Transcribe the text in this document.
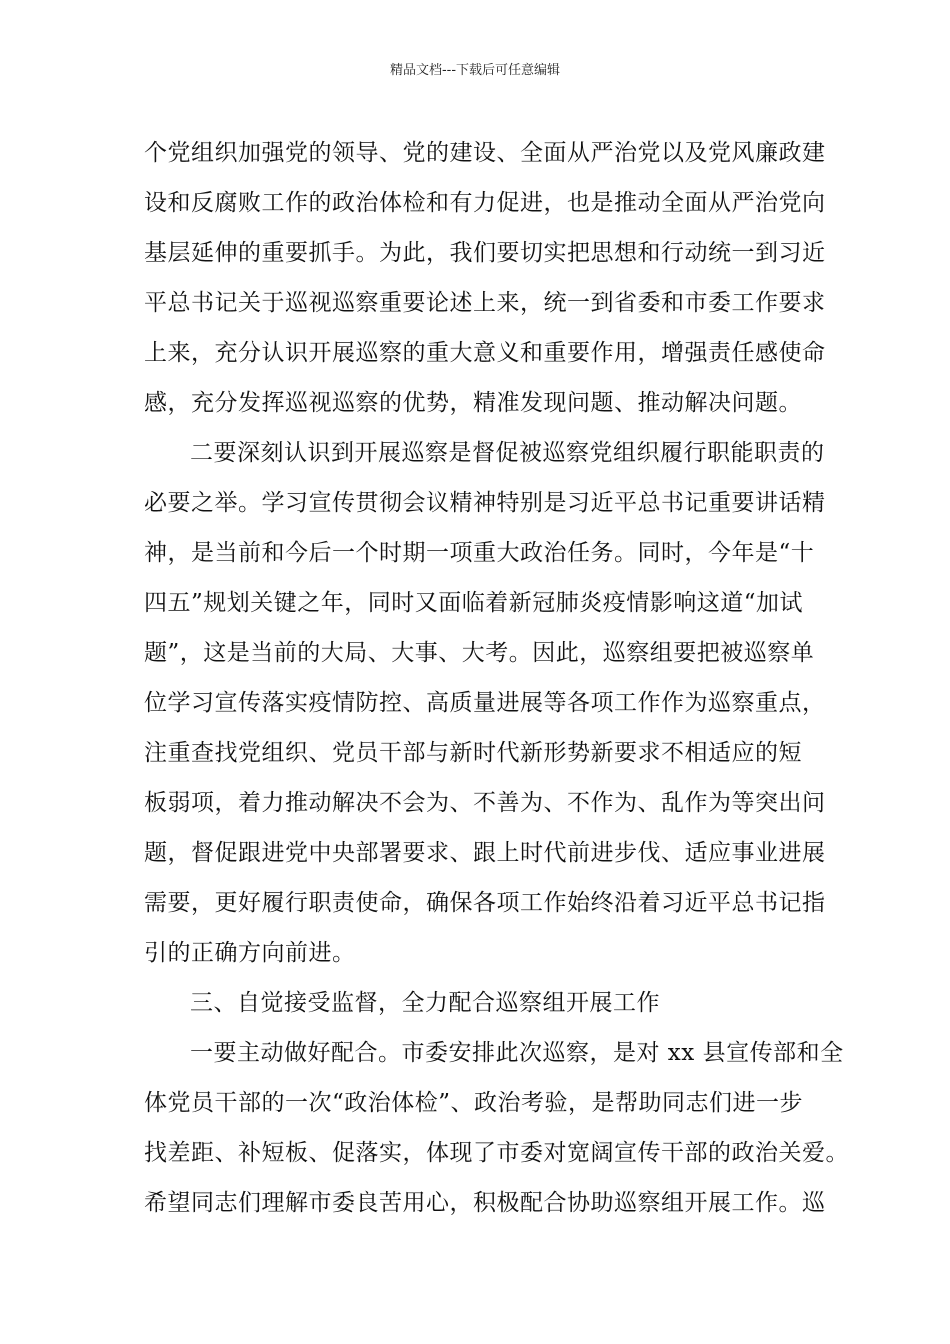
精品文档---下载后可任意编辑
个党组织加强党的领导、党的建设、全面从严治党以及党风廉政建
设和反腐败工作的政治体检和有力促进，也是推动全面从严治党向
基层延伸的重要抓手。为此，我们要切实把思想和行动统一到习近
平总书记关于巡视巡察重要论述上来，统一到省委和市委工作要求
上来，充分认识开展巡察的重大意义和重要作用，增强责任感使命
感，充分发挥巡视巡察的优势，精准发现问题、推动解决问题。
二要深刻认识到开展巡察是督促被巡察党组织履行职能职责的
必要之举。学习宣传贯彻会议精神特别是习近平总书记重要讲话精
神，是当前和今后一个时期一项重大政治任务。同时，今年是“十
四五”规划关键之年，同时又面临着新冠肺炎疫情影响这道“加试
题”，这是当前的大局、大事、大考。因此，巡察组要把被巡察单
位学习宣传落实疫情防控、高质量进展等各项工作作为巡察重点，
注重查找党组织、党员干部与新时代新形势新要求不相适应的短
板弱项，着力推动解决不会为、不善为、不作为、乱作为等突出问
题，督促跟进党中央部署要求、跟上时代前进步伐、适应事业进展
需要，更好履行职责使命，确保各项工作始终沿着习近平总书记指
引的正确方向前进。
三、自觉接受监督，全力配合巡察组开展工作
一要主动做好配合。市委安排此次巡察，是对 xx 县宣传部和全
体党员干部的一次“政治体检”、政治考验，是帮助同志们进一步
找差距、补短板、促落实，体现了市委对宽阔宣传干部的政治关爱。
希望同志们理解市委良苦用心，积极配合协助巡察组开展工作。巡
